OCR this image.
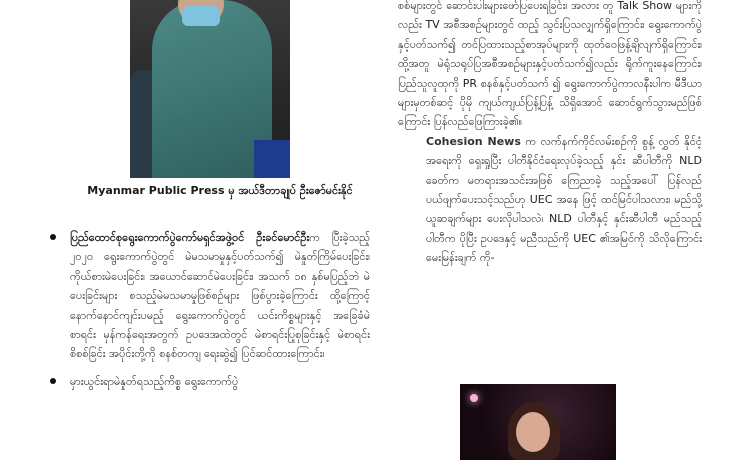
Myanmar Public Press မှ အယ်ဒီတာချုပ် ဦးဇော်မင်းနိုင်

ပြည်ထောင်စုရွေးကောက်ပွဲကော်မရှင်အဖွဲ့ဝင် ဦးခင်မောင်ဦးက ပြီးခဲ့သည့် ၂၀၂၀ ရွေးကောက်ပွဲတွင် မဲမသမာမှုနှင့်ပတ်သက်၍ မဲနှုတ်ကြိမ်ပေးခြင်း၊ ကိုယ်စားမဲပေးခြင်း၊ အယောင်ဆောင်မဲပေးခြင်း၊ အသက် ၁၈ နှစ်မပြည့်ဘဲ မဲပေးခြင်းများ စသည့်မဲမသမာမှုဖြစ်စဉ်များ ဖြစ်ပွားခဲ့ကြောင်း ထို့ကြောင့် နောက်နောင်ကျင်းပမည့် ရွေးကောက်ပွဲတွင် ယင်းကိစ္စများနှင့် အခြေခံမဲစာရင်း မှန်ကန်ရေးအတွက် ဥပဒေအထဲတွင် မဲစာရင်းပြုစုခြင်းနှင့် မဲစာရင်းစိစစ်ခြင်း အပိုင်းတို့ကို စနစ်တကျ ရေးဆွဲ၍ ပြင်ဆင်ထားကြောင်း၊

မှားယွင်းရာမဲနှုတ်ရသည့်ကိစ္စ ရွေးကောက်ပွဲ

စစ်များတွင် ဆောင်းပါးများဖော်ပြပေးရခြင်း၊ အလား တူ Talk Show များကိုလည်း TV အစီအစဉ်များတွင် ထည့် သွင်းပြသလျှက်ရှိကြောင်း၊ ရွေးကောက်ပွဲနှင့်ပတ်သက်၍ တင်ပြထားသည့်စာအုပ်များကို ထုတ်ဝေဖြန့်ချိလျက်ရှိကြောင်း၊ ထို့အတူ မဲရုံသရုပ်ပြအစီအစဉ်များနှင့်ပတ်သက်၍လည်း ရိုက်ကူးနေကြောင်း၊ ပြည်သူလူထုကို PR စနစ်နှင့်ပတ်သက် ၍ ရွေးကောက်ပွဲကာလနီးပါက မီဒီယာများမှတစ်ဆင့် ပိုမို ကျယ်ကျယ်ပြန့်ပြန့် သိရှိအောင် ဆောင်ရွက်သွားမည်ဖြစ် ကြောင်း ပြန်လည်ဖြေကြားခဲ့၏။

Cohesion News က လက်နက်ကိုင်လမ်းစဉ်ကို စွန့် လွှတ် နိုင်ငံ့အရေးကို ရှေးရှုပြီး ပါတီနိုင်ငံရေးလုပ်ခဲ့သည့် နှင်း ဆီပါတီကို NLD ခေတ်က မတရားအသင်းအဖြစ် ကြေညာခဲ့ သည့်အပေါ် ပြန်လည်ပယ်ဖျက်ပေးသင့်သည်ဟု UEC အနေ ဖြင့် ထင်မြင်ပါသလား၊ မည်သို့ယူဆချက်များ ပေးလိုပါသလဲ၊ NLD ပါတီနှင့် နှင်းဆီပါတီ မည်သည့်ပါတီက ပိုပြီး ဥပဒေနှင့် မညီသည်ကို UEC ၏အမြင်ကို သိလိုကြောင်း မေးမြန်းချက် ကို-
